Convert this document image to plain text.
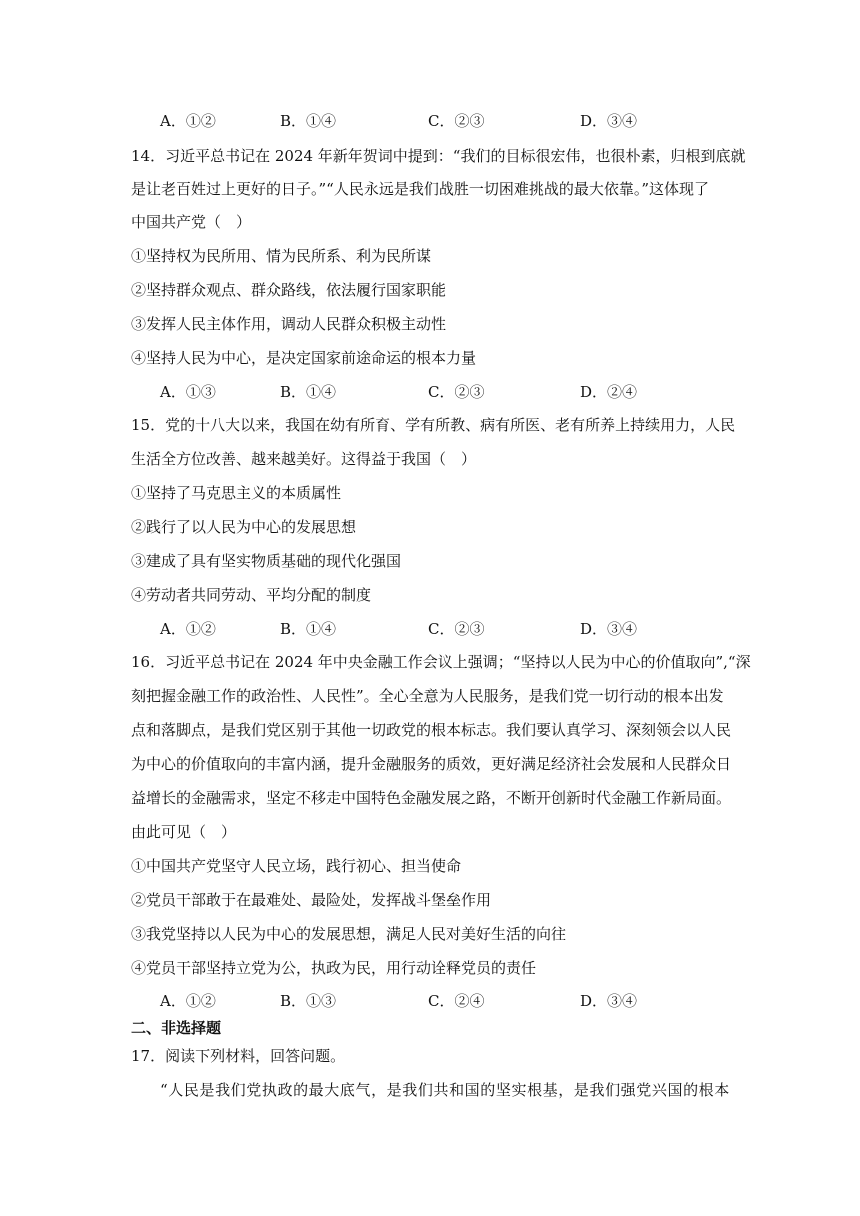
A．①②	B．①④	C．②③	D．③④
14．习近平总书记在 2024 年新年贺词中提到：“我们的目标很宏伟，也很朴素，归根到底就
是让老百姓过上更好的日子。”“人民永远是我们战胜一切困难挑战的最大依靠。”这体现了
中国共产党（　）
①坚持权为民所用、情为民所系、利为民所谋
②坚持群众观点、群众路线，依法履行国家职能
③发挥人民主体作用，调动人民群众积极主动性
④坚持人民为中心，是决定国家前途命运的根本力量
A．①③	B．①④	C．②③	D．②④
15．党的十八大以来，我国在幼有所育、学有所教、病有所医、老有所养上持续用力，人民
生活全方位改善、越来越美好。这得益于我国（　）
①坚持了马克思主义的本质属性
②践行了以人民为中心的发展思想
③建成了具有坚实物质基础的现代化强国
④劳动者共同劳动、平均分配的制度
A．①②	B．①④	C．②③	D．③④
16．习近平总书记在 2024 年中央金融工作会议上强调；“坚持以人民为中心的价值取向”,“深
刻把握金融工作的政治性、人民性”。全心全意为人民服务，是我们党一切行动的根本出发
点和落脚点，是我们党区别于其他一切政党的根本标志。我们要认真学习、深刻领会以人民
为中心的价值取向的丰富内涵，提升金融服务的质效，更好满足经济社会发展和人民群众日
益增长的金融需求，坚定不移走中国特色金融发展之路，不断开创新时代金融工作新局面。
由此可见（　）
①中国共产党坚守人民立场，践行初心、担当使命
②党员干部敢于在最难处、最险处，发挥战斗堡垒作用
③我党坚持以人民为中心的发展思想，满足人民对美好生活的向往
④党员干部坚持立党为公，执政为民，用行动诠释党员的责任
A．①②	B．①③	C．②④	D．③④
二、非选择题
17．阅读下列材料，回答问题。
“人民是我们党执政的最大底气，是我们共和国的坚实根基，是我们强党兴国的根本
